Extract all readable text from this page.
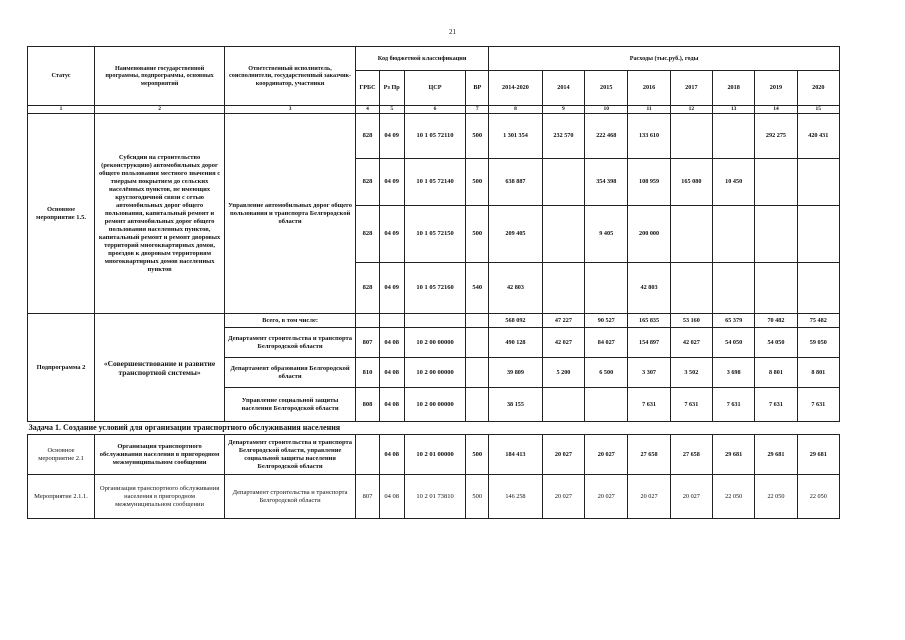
21
Статус	Наименование государственной программы, подпрограммы, основных мероприятий	Ответственный исполнитель, соисполнители, государственный заказчик-координатор, участники	Код бюджетной классификации				Расходы (тыс.руб.), годы							
			ГРБС	Рз Пр	ЦСР	ВР	2014-2020	2014	2015	2016	2017	2018	2019	2020
1	2	3	4	5	6	7	8	9	10	11	12	13	14	15
Основное мероприятие 1.5.	Субсидии на строительство (реконструкцию) автомобильных дорог общего пользования местного значения с твердым покрытием до сельских населённых пунктов, не имеющих круглогодичной связи с сетью автомобильных дорог общего пользования, капитальный ремонт и ремонт автомобильных дорог общего пользования населенных пунктов, капитальный ремонт и ремонт дворовых территорий многоквартирных домов, проездов к дворовым территориям многоквартирных домов населенных пунктов	Управление автомобильных дорог общего пользования и транспорта Белгородской области	828	04 09	10 1 05 72110	500	1 301 354	232 570	222 468	133 610			292 275	420 431
			828	04 09	10 1 05 72140	500	638 887		354 398	108 959	165 080	10 450		
			828	04 09	10 1 05 72150	500	209 405		9 405	200 000				
			828	04 09	10 1 05 72160	540	42 803			42 803				
Подпрограмма 2	«Совершенствование и развитие транспортной системы»	Всего, в том числе:					568 092	47 227	90 527	165 835	53 160	65 379	70 482	75 482
		Департамент строительства и транспорта Белгородской области	807	04 08	10 2 00 00000		490 128	42 027	84 027	154 897	42 027	54 050	54 050	59 050
		Департамент образования Белгородской области	810	04 08	10 2 00 00000		39 809	5 200	6 500	3 307	3 502	3 698	8 801	8 801
		Управление социальной защиты населения Белгородской области	808	04 08	10 2 00 00000		38 155			7 631	7 631	7 631	7 631	7 631
Задача 1. Создание условий для организации транспортного обслуживания населения														
Основное мероприятие 2.1	Организация транспортного обслуживания населения в пригородном межмуниципальном сообщении	Департамент строительства и транспорта Белгородской области, управление социальной защиты населения Белгородской области		04 08	10 2 01 00000	500	184 413	20 027	20 027	27 658	27 658	29 681	29 681	29 681
Мероприятие 2.1.1.	Организация транспортного обслуживания населения в пригородном межмуниципальном сообщении	Департамент строительства и транспорта Белгородской области	807	04 08	10 2 01 73810	500	146 258	20 027	20 027	20 027	20 027	22 050	22 050	22 050
